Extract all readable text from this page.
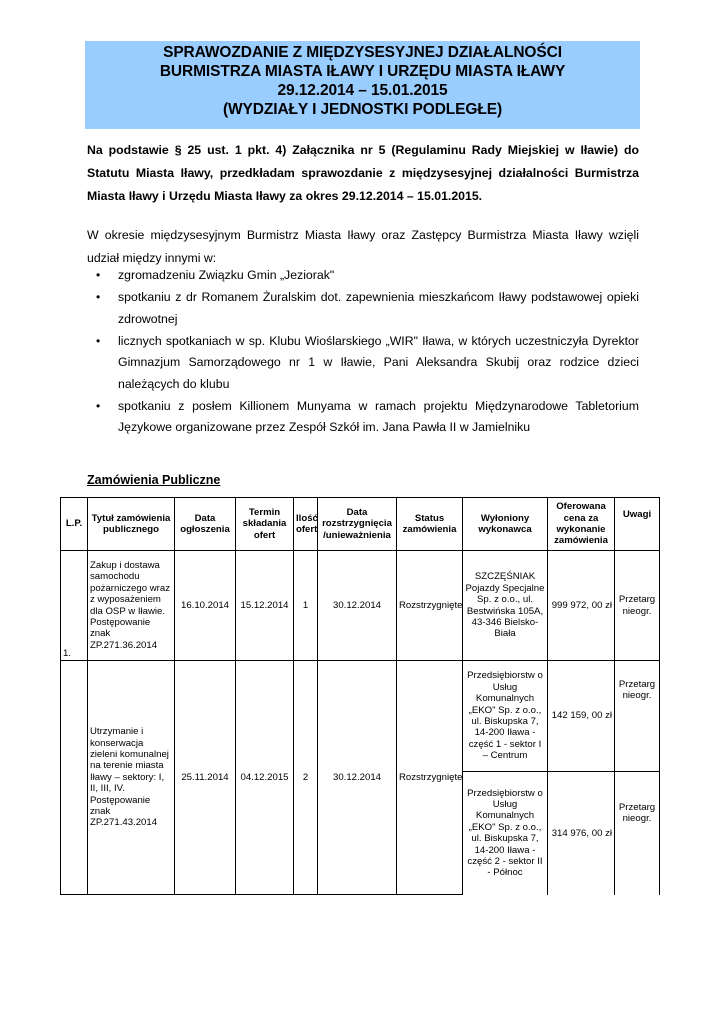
SPRAWOZDANIE Z MIĘDZYSESYJNEJ DZIAŁALNOŚCI
BURMISTRZA MIASTA IŁAWY I URZĘDU MIASTA IŁAWY
29.12.2014 – 15.01.2015
(WYDZIAŁY I JEDNOSTKI PODLEGŁE)
Na podstawie § 25 ust. 1 pkt. 4) Załącznika nr 5 (Regulaminu Rady Miejskiej w Iławie) do Statutu Miasta Iławy, przedkładam sprawozdanie z międzysesyjnej działalności Burmistrza Miasta Iławy i Urzędu Miasta Iławy za okres 29.12.2014 – 15.01.2015.
W okresie międzysesyjnym Burmistrz Miasta Iławy oraz Zastępcy Burmistrza Miasta Iławy wzięli udział między innymi w:
• zgromadzeniu Związku Gmin „Jeziorak"
• spotkaniu z dr Romanem Żuralskim dot. zapewnienia mieszkańcom Iławy podstawowej opieki zdrowotnej
• licznych spotkaniach w sp. Klubu Wioślarskiego „WIR" Iława, w których uczestniczyła Dyrektor Gimnazjum Samorządowego nr 1 w Iławie, Pani Aleksandra Skubij oraz rodzice dzieci należących do klubu
• spotkaniu z posłem Killionem Munyama w ramach projektu Międzynarodowe Tabletorium Językowe organizowane przez Zespół Szkół im. Jana Pawła II w Jamielniku
Zamówienia Publiczne
L.P.	Tytuł zamówienia publicznego	Data ogłoszenia	Termin składania ofert	Ilość ofert	Data rozstrzygnięcia /unieważnienia	Status zamówienia	Wyłoniony wykonawca	Oferowana cena za wykonanie zamówienia	Uwagi
1.	Zakup i dostawa samochodu pożarniczego wraz z wyposażeniem dla OSP w Iławie. Postępowanie znak ZP.271.36.2014	16.10.2014	15.12.2014	1	30.12.2014	Rozstrzygnięte	SZCZĘŚNIAK Pojazdy Specjalne Sp. z o.o., ul. Bestwińska 105A, 43-346 Bielsko-Biała	999 972, 00 zł	Przetarg nieogr.
	Utrzymanie i konserwacja zieleni komunalnej na terenie miasta Iławy – sektory: I, II, III, IV. Postępowanie znak ZP.271.43.2014	25.11.2014	04.12.2015	2	30.12.2014	Rozstrzygnięte	Przedsiębiorstw o Usług Komunalnych „EKO" Sp. z o.o., ul. Biskupska 7, 14-200 Iława - część 1 - sektor I – Centrum	142 159, 00 zł	Przetarg nieogr.
							Przedsiębiorstw o Usług Komunalnych „EKO" Sp. z o.o., ul. Biskupska 7, 14-200 Iława - część 2 - sektor II - Północ	314 976, 00 zł	Przetarg nieogr.
